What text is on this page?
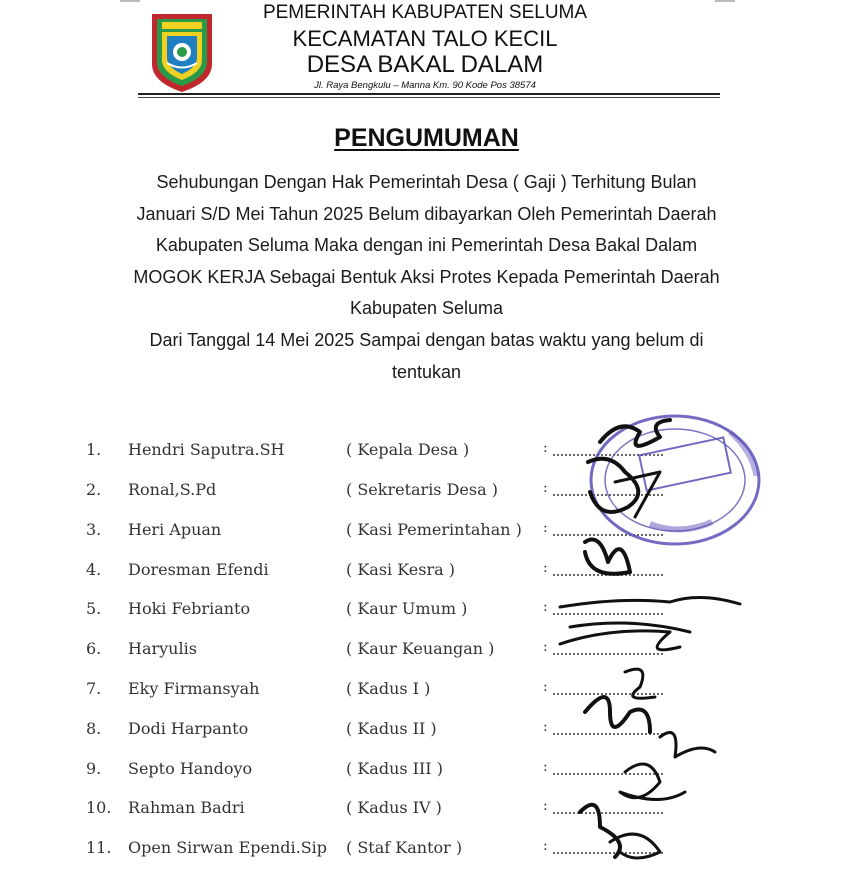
PEMERINTAH KABUPATEN SELUMA

KECAMATAN TALO KECIL

DESA BAKAL DALAM

Jl. Raya Bengkulu – Manna Km. 90 Kode Pos 38574

PENGUMUMAN

Sehubungan Dengan Hak Pemerintah Desa ( Gaji ) Terhitung Bulan

Januari S/D Mei Tahun 2025 Belum dibayarkan Oleh Pemerintah Daerah

Kabupaten Seluma Maka dengan ini Pemerintah Desa Bakal Dalam

MOGOK KERJA Sebagai Bentuk Aksi Protes Kepada Pemerintah Daerah

Kabupaten Seluma

Dari Tanggal 14 Mei 2025 Sampai dengan batas waktu yang belum di

tentukan

1. Hendri Saputra.SH	( Kepala Desa )	:
2. Ronal,S.Pd	( Sekretaris Desa )	:
3. Heri Apuan	( Kasi Pemerintahan ) :
4. Doresman Efendi	( Kasi Kesra )	:
5. Hoki Febrianto	( Kaur Umum )	:
6. Haryulis	( Kaur Keuangan )	:
7. Eky Firmansyah	( Kadus I )	:
8. Dodi Harpanto	( Kadus II )	:
9. Septo Handoyo	( Kadus III )	:
10. Rahman Badri	( Kadus IV )	:
11. Open Sirwan Ependi.Sip ( Staf Kantor )	:
